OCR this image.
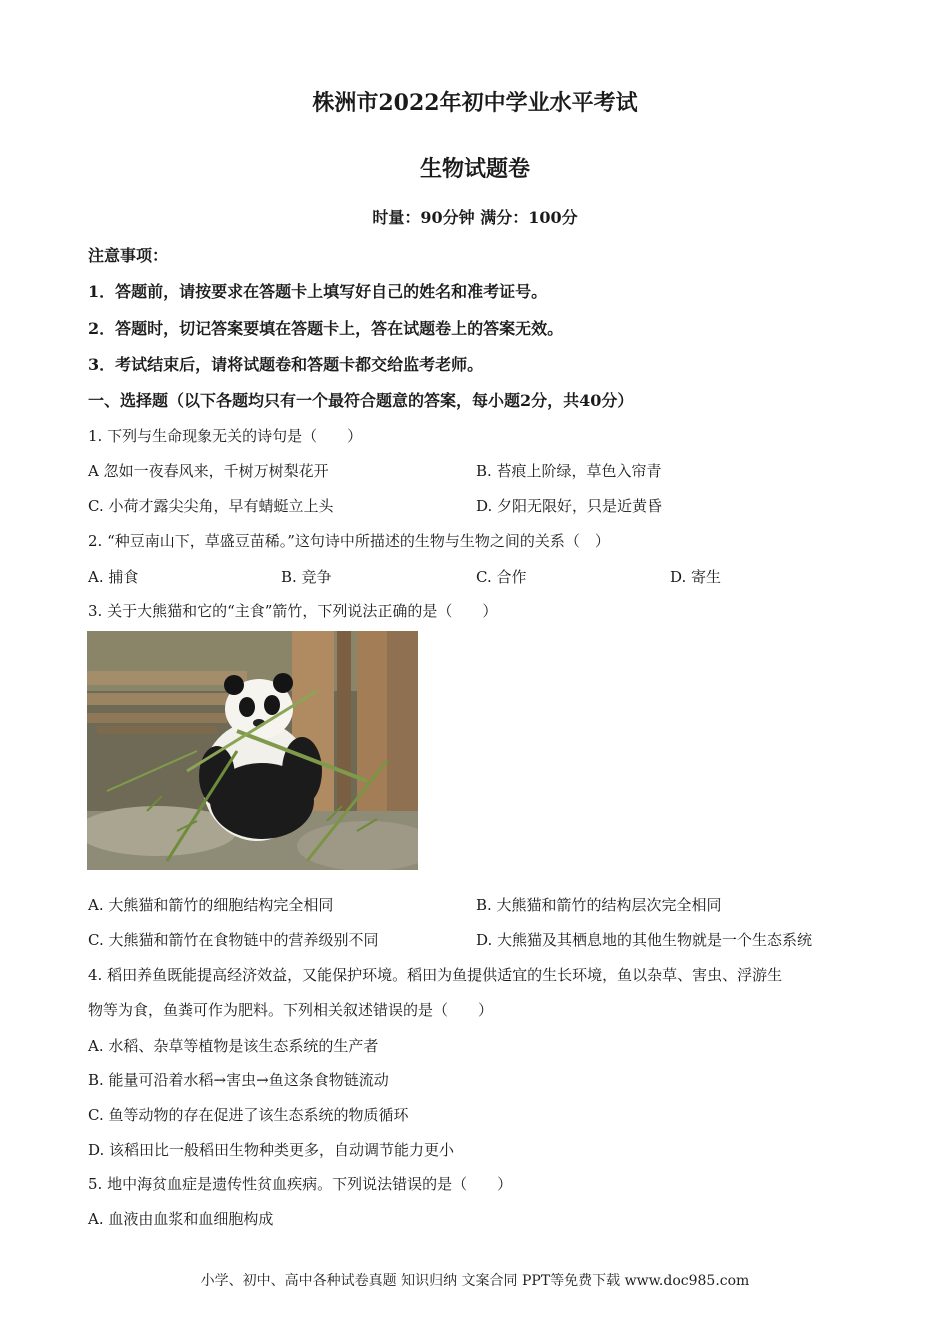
株洲市2022年初中学业水平考试
生物试题卷
时量：90分钟 满分：100分
注意事项：
1．答题前，请按要求在答题卡上填写好自己的姓名和准考证号。
2．答题时，切记答案要填在答题卡上，答在试题卷上的答案无效。
3．考试结束后，请将试题卷和答题卡都交给监考老师。
一、选择题（以下各题均只有一个最符合题意的答案，每小题2分，共40分）
1. 下列与生命现象无关的诗句是（　　）
A 忽如一夜春风来，千树万树梨花开	B. 苔痕上阶绿，草色入帘青
C. 小荷才露尖尖角，早有蜻蜓立上头	D. 夕阳无限好，只是近黄昏
2. “种豆南山下，草盛豆苗稀。”这句诗中所描述的生物与生物之间的关系（　）
A. 捕食	B. 竞争	C. 合作	D. 寄生
3. 关于大熊猫和它的“主食”箭竹，下列说法正确的是（　　）
A. 大熊猫和箭竹的细胞结构完全相同	B. 大熊猫和箭竹的结构层次完全相同
C. 大熊猫和箭竹在食物链中的营养级别不同	D. 大熊猫及其栖息地的其他生物就是一个生态系统
4. 稻田养鱼既能提高经济效益，又能保护环境。稻田为鱼提供适宜的生长环境，鱼以杂草、害虫、浮游生
物等为食，鱼粪可作为肥料。下列相关叙述错误的是（　　）
A. 水稻、杂草等植物是该生态系统的生产者
B. 能量可沿着水稻→害虫→鱼这条食物链流动
C. 鱼等动物的存在促进了该生态系统的物质循环
D. 该稻田比一般稻田生物种类更多，自动调节能力更小
5. 地中海贫血症是遗传性贫血疾病。下列说法错误的是（　　）
A. 血液由血浆和血细胞构成
小学、初中、高中各种试卷真题 知识归纳 文案合同 PPT等免费下载 www.doc985.com
